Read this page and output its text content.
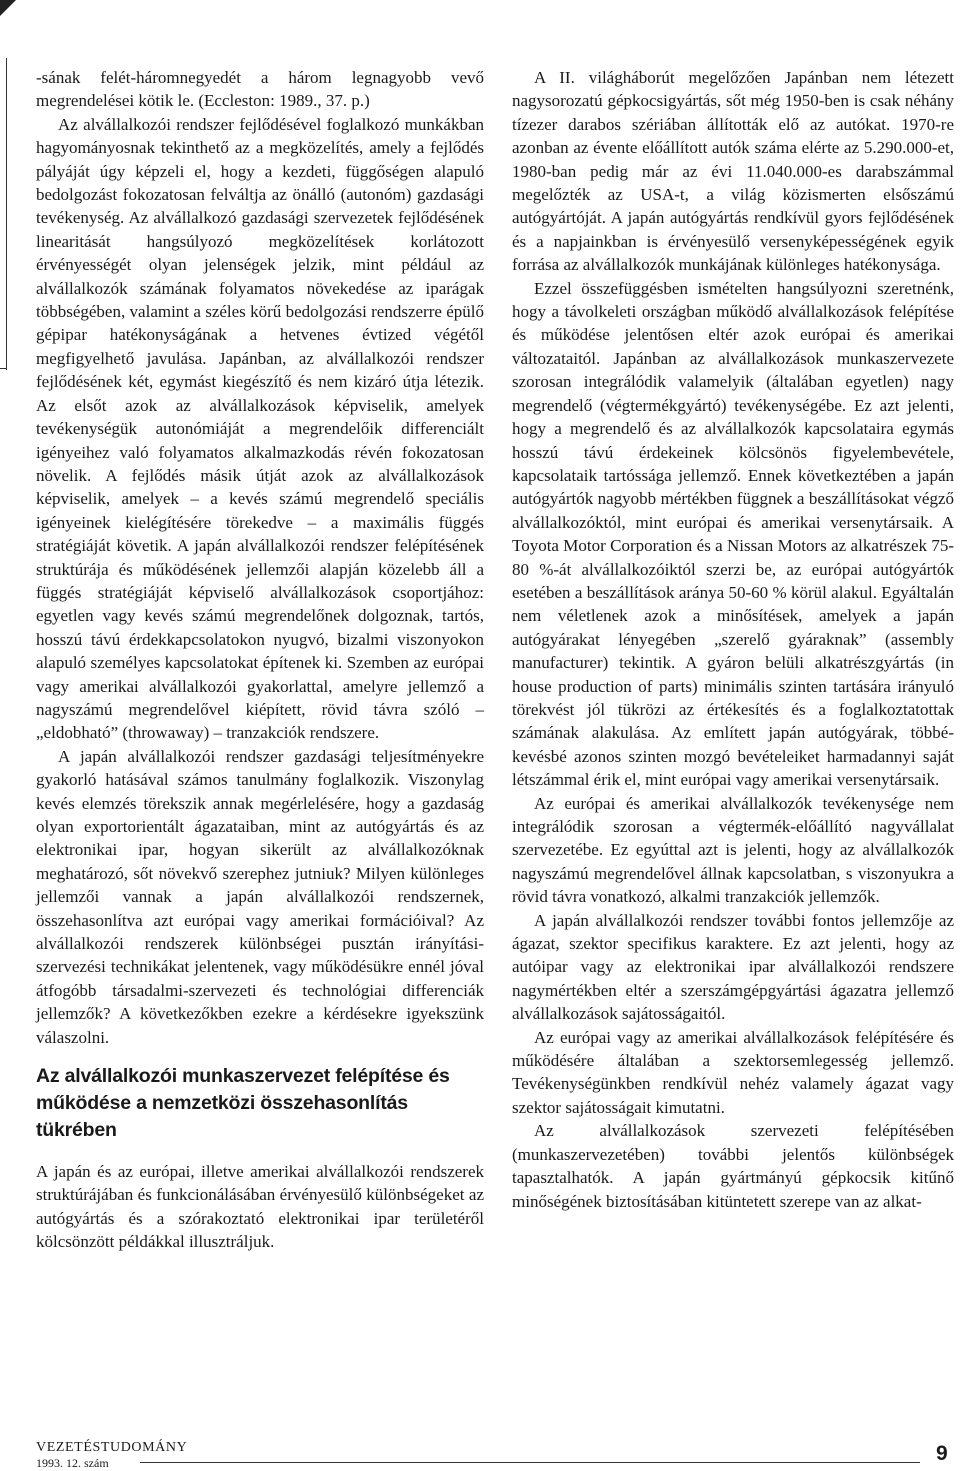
-sának felét-háromnegyedét a három legnagyobb vevő megrendelései kötik le. (Eccleston: 1989., 37. p.)

Az alvállalkozói rendszer fejlődésével foglalkozó munkákban hagyományosnak tekinthető az a megközelítés, amely a fejlődés pályáját úgy képzeli el, hogy a kezdeti, függőségen alapuló bedolgozást fokozatosan felváltja az önálló (autonóm) gazdasági tevékenység. Az alvállalkozó gazdasági szervezetek fejlődésének linearitását hangsúlyozó megközelítések korlátozott érvényességét olyan jelenségek jelzik, mint például az alvállalkozók számának folyamatos növekedése az iparágak többségében, valamint a széles körű bedolgozási rendszerre épülő gépipar hatékonyságának a hetvenes évtized végétől megfigyelhető javulása. Japánban, az alvállalkozói rendszer fejlődésének két, egymást kiegészítő és nem kizáró útja létezik. Az elsőt azok az alvállalkozások képviselik, amelyek tevékenységük autonómiáját a megrendelőik differenciált igényeihez való folyamatos alkalmazkodás révén fokozatosan növelik. A fejlődés másik útját azok az alvállalkozások képviselik, amelyek – a kevés számú megrendelő speciális igényeinek kielégítésére törekedve – a maximális függés stratégiáját követik. A japán alvállalkozói rendszer felépítésének struktúrája és működésének jellemzői alapján közelebb áll a függés stratégiáját képviselő alvállalkozások csoportjához: egyetlen vagy kevés számú megrendelőnek dolgoznak, tartós, hosszú távú érdekkapcsolatokon nyugvó, bizalmi viszonyokon alapuló személyes kapcsolatokat építenek ki. Szemben az európai vagy amerikai alvállalkozói gyakorlattal, amelyre jellemző a nagyszámú megrendelővel kiépített, rövid távra szóló – „eldobható” (throwaway) – tranzakciók rendszere.

A japán alvállalkozói rendszer gazdasági teljesítményekre gyakorló hatásával számos tanulmány foglalkozik. Viszonylag kevés elemzés törekszik annak megérlelésére, hogy a gazdaság olyan exportorientált ágazataiban, mint az autógyártás és az elektronikai ipar, hogyan sikerült az alvállalkozóknak meghatározó, sőt növekvő szerephez jutniuk? Milyen különleges jellemzői vannak a japán alvállalkozói rendszernek, összehasonlítva azt európai vagy amerikai formációival? Az alvállalkozói rendszerek különbségei pusztán irányítási-szervezési technikákat jelentenek, vagy működésükre ennél jóval átfogóbb társadalmi-szervezeti és technológiai differenciák jellemzők? A következőkben ezekre a kérdésekre igyekszünk válaszolni.

Az alvállalkozói munkaszervezet felépítése és működése a nemzetközi összehasonlítás tükrében

A japán és az európai, illetve amerikai alvállalkozói rendszerek struktúrájában és funkcionálásában érvényesülő különbségeket az autógyártás és a szórakoztató elektronikai ipar területéről kölcsönzött példákkal illusztráljuk.

A II. világháborút megelőzően Japánban nem létezett nagysorozatú gépkocsigyártás, sőt még 1950-ben is csak néhány tízezer darabos szériában állították elő az autókat. 1970-re azonban az évente előállított autók száma elérte az 5.290.000-et, 1980-ban pedig már az évi 11.040.000-es darabszámmal megelőzték az USA-t, a világ közismerten elsőszámú autógyártóját. A japán autógyártás rendkívül gyors fejlődésének és a napjainkban is érvényesülő versenyképességének egyik forrása az alvállalkozók munkájának különleges hatékonysága.

Ezzel összefüggésben ismételten hangsúlyozni szeretnénk, hogy a távolkeleti országban működő alvállalkozások felépítése és működése jelentősen eltér azok európai és amerikai változataitól. Japánban az alvállalkozások munkaszervezete szorosan integrálódik valamelyik (általában egyetlen) nagy megrendelő (végtermékgyártó) tevékenységébe. Ez azt jelenti, hogy a megrendelő és az alvállalkozók kapcsolataira egymás hosszú távú érdekeinek kölcsönös figyelembevétele, kapcsolataik tartóssága jellemző. Ennek következtében a japán autógyártók nagyobb mértékben függnek a beszállításokat végző alvállalkozóktól, mint európai és amerikai versenytársaik. A Toyota Motor Corporation és a Nissan Motors az alkatrészek 75-80 %-át alvállalkozóiktól szerzi be, az európai autógyártók esetében a beszállítások aránya 50-60 % körül alakul. Egyáltalán nem véletlenek azok a minősítések, amelyek a japán autógyárakat lényegében „szerelő gyáraknak” (assembly manufacturer) tekintik. A gyáron belüli alkatrészgyártás (in house production of parts) minimális szinten tartására irányuló törekvést jól tükrözi az értékesítés és a foglalkoztatottak számának alakulása. Az említett japán autógyárak, többé-kevésbé azonos szinten mozgó bevételeiket harmadannyi saját létszámmal érik el, mint európai vagy amerikai versenytársaik.

Az európai és amerikai alvállalkozók tevékenysége nem integrálódik szorosan a végtermék-előállító nagyvállalat szervezetébe. Ez egyúttal azt is jelenti, hogy az alvállalkozók nagyszámú megrendelővel állnak kapcsolatban, s viszonyukra a rövid távra vonatkozó, alkalmi tranzakciók jellemzők.

A japán alvállalkozói rendszer további fontos jellemzője az ágazat, szektor specifikus karaktere. Ez azt jelenti, hogy az autóipar vagy az elektronikai ipar alvállalkozói rendszere nagymértékben eltér a szerszámgépgyártási ágazatra jellemző alvállalkozások sajátosságaitól.

Az európai vagy az amerikai alvállalkozások felépítésére és működésére általában a szektorsemlegesség jellemző. Tevékenységünkben rendkívül nehéz valamely ágazat vagy szektor sajátosságait kimutatni.

Az alvállalkozások szervezeti felépítésében (munkaszervezetében) további jelentős különbségek tapasztalhatók. A japán gyártmányú gépkocsik kitűnő minőségének biztosításában kitüntetett szerepe van az alkat-

VEZETÉSTUDOMÁNY
1993. 12. szám	9
